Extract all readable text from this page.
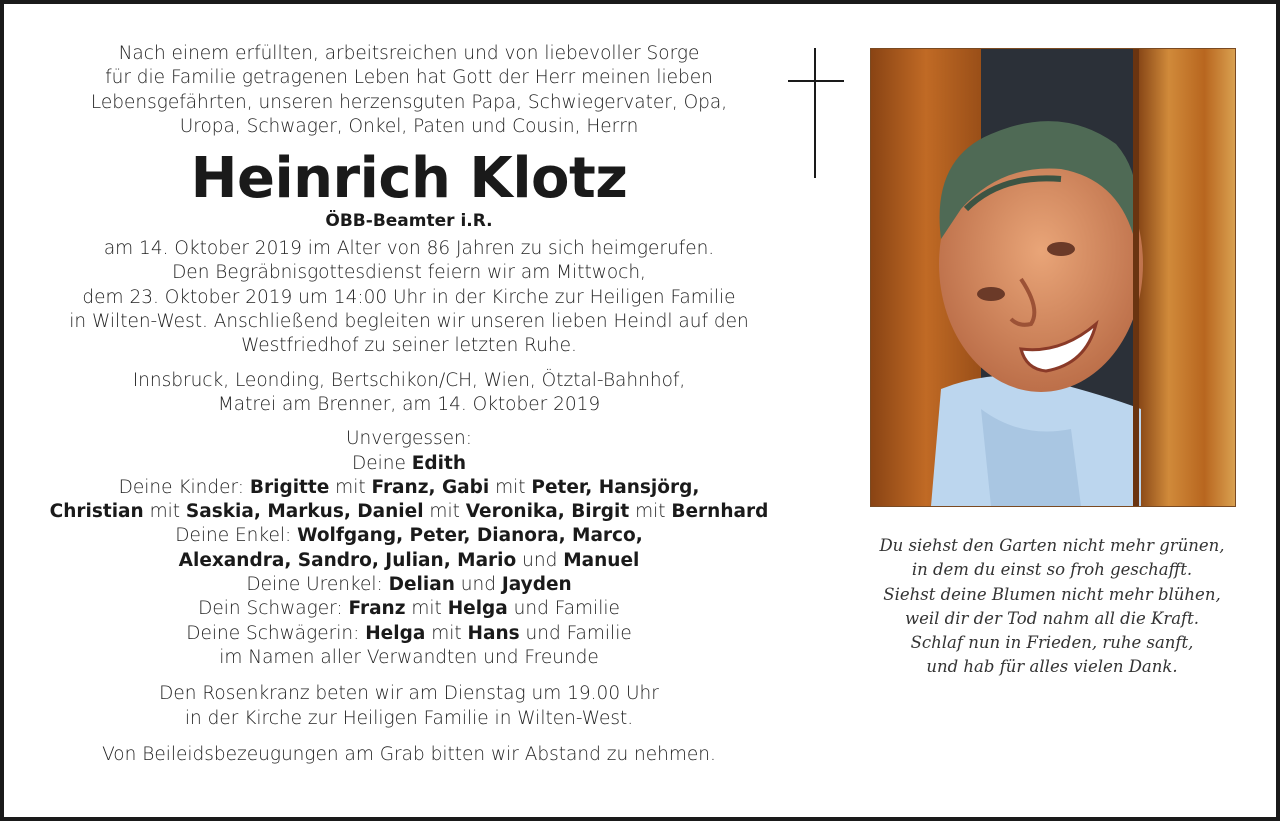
Nach einem erfüllten, arbeitsreichen und von liebevoller Sorge

für die Familie getragenen Leben hat Gott der Herr meinen lieben

Lebensgefährten, unseren herzensguten Papa, Schwiegervater, Opa,

Uropa, Schwager, Onkel, Paten und Cousin, Herrn

Heinrich Klotz
ÖBB-Beamter i.R.

am 14. Oktober 2019 im Alter von 86 Jahren zu sich heimgerufen.

Den Begräbnisgottesdienst feiern wir am Mittwoch,

dem 23. Oktober 2019 um 14:00 Uhr in der Kirche zur Heiligen Familie

in Wilten-West. Anschließend begleiten wir unseren lieben Heindl auf den

Westfriedhof zu seiner letzten Ruhe.

Innsbruck, Leonding, Bertschikon/CH, Wien, Ötztal-Bahnhof,

Matrei am Brenner, am 14. Oktober 2019

Unvergessen:

Deine Edith

Deine Kinder: Brigitte mit Franz, Gabi mit Peter, Hansjörg,

Christian mit Saskia, Markus, Daniel mit Veronika, Birgit mit Bernhard

Deine Enkel: Wolfgang, Peter, Dianora, Marco,

Alexandra, Sandro, Julian, Mario und Manuel

Deine Urenkel: Delian und Jayden

Dein Schwager: Franz mit Helga und Familie

Deine Schwägerin: Helga mit Hans und Familie

im Namen aller Verwandten und Freunde

Den Rosenkranz beten wir am Dienstag um 19.00 Uhr

in der Kirche zur Heiligen Familie in Wilten-West.

Von Beileidsbezeugungen am Grab bitten wir Abstand zu nehmen.

Du siehst den Garten nicht mehr grünen,

in dem du einst so froh geschafft.

Siehst deine Blumen nicht mehr blühen,

weil dir der Tod nahm all die Kraft.

Schlaf nun in Frieden, ruhe sanft,

und hab für alles vielen Dank.
